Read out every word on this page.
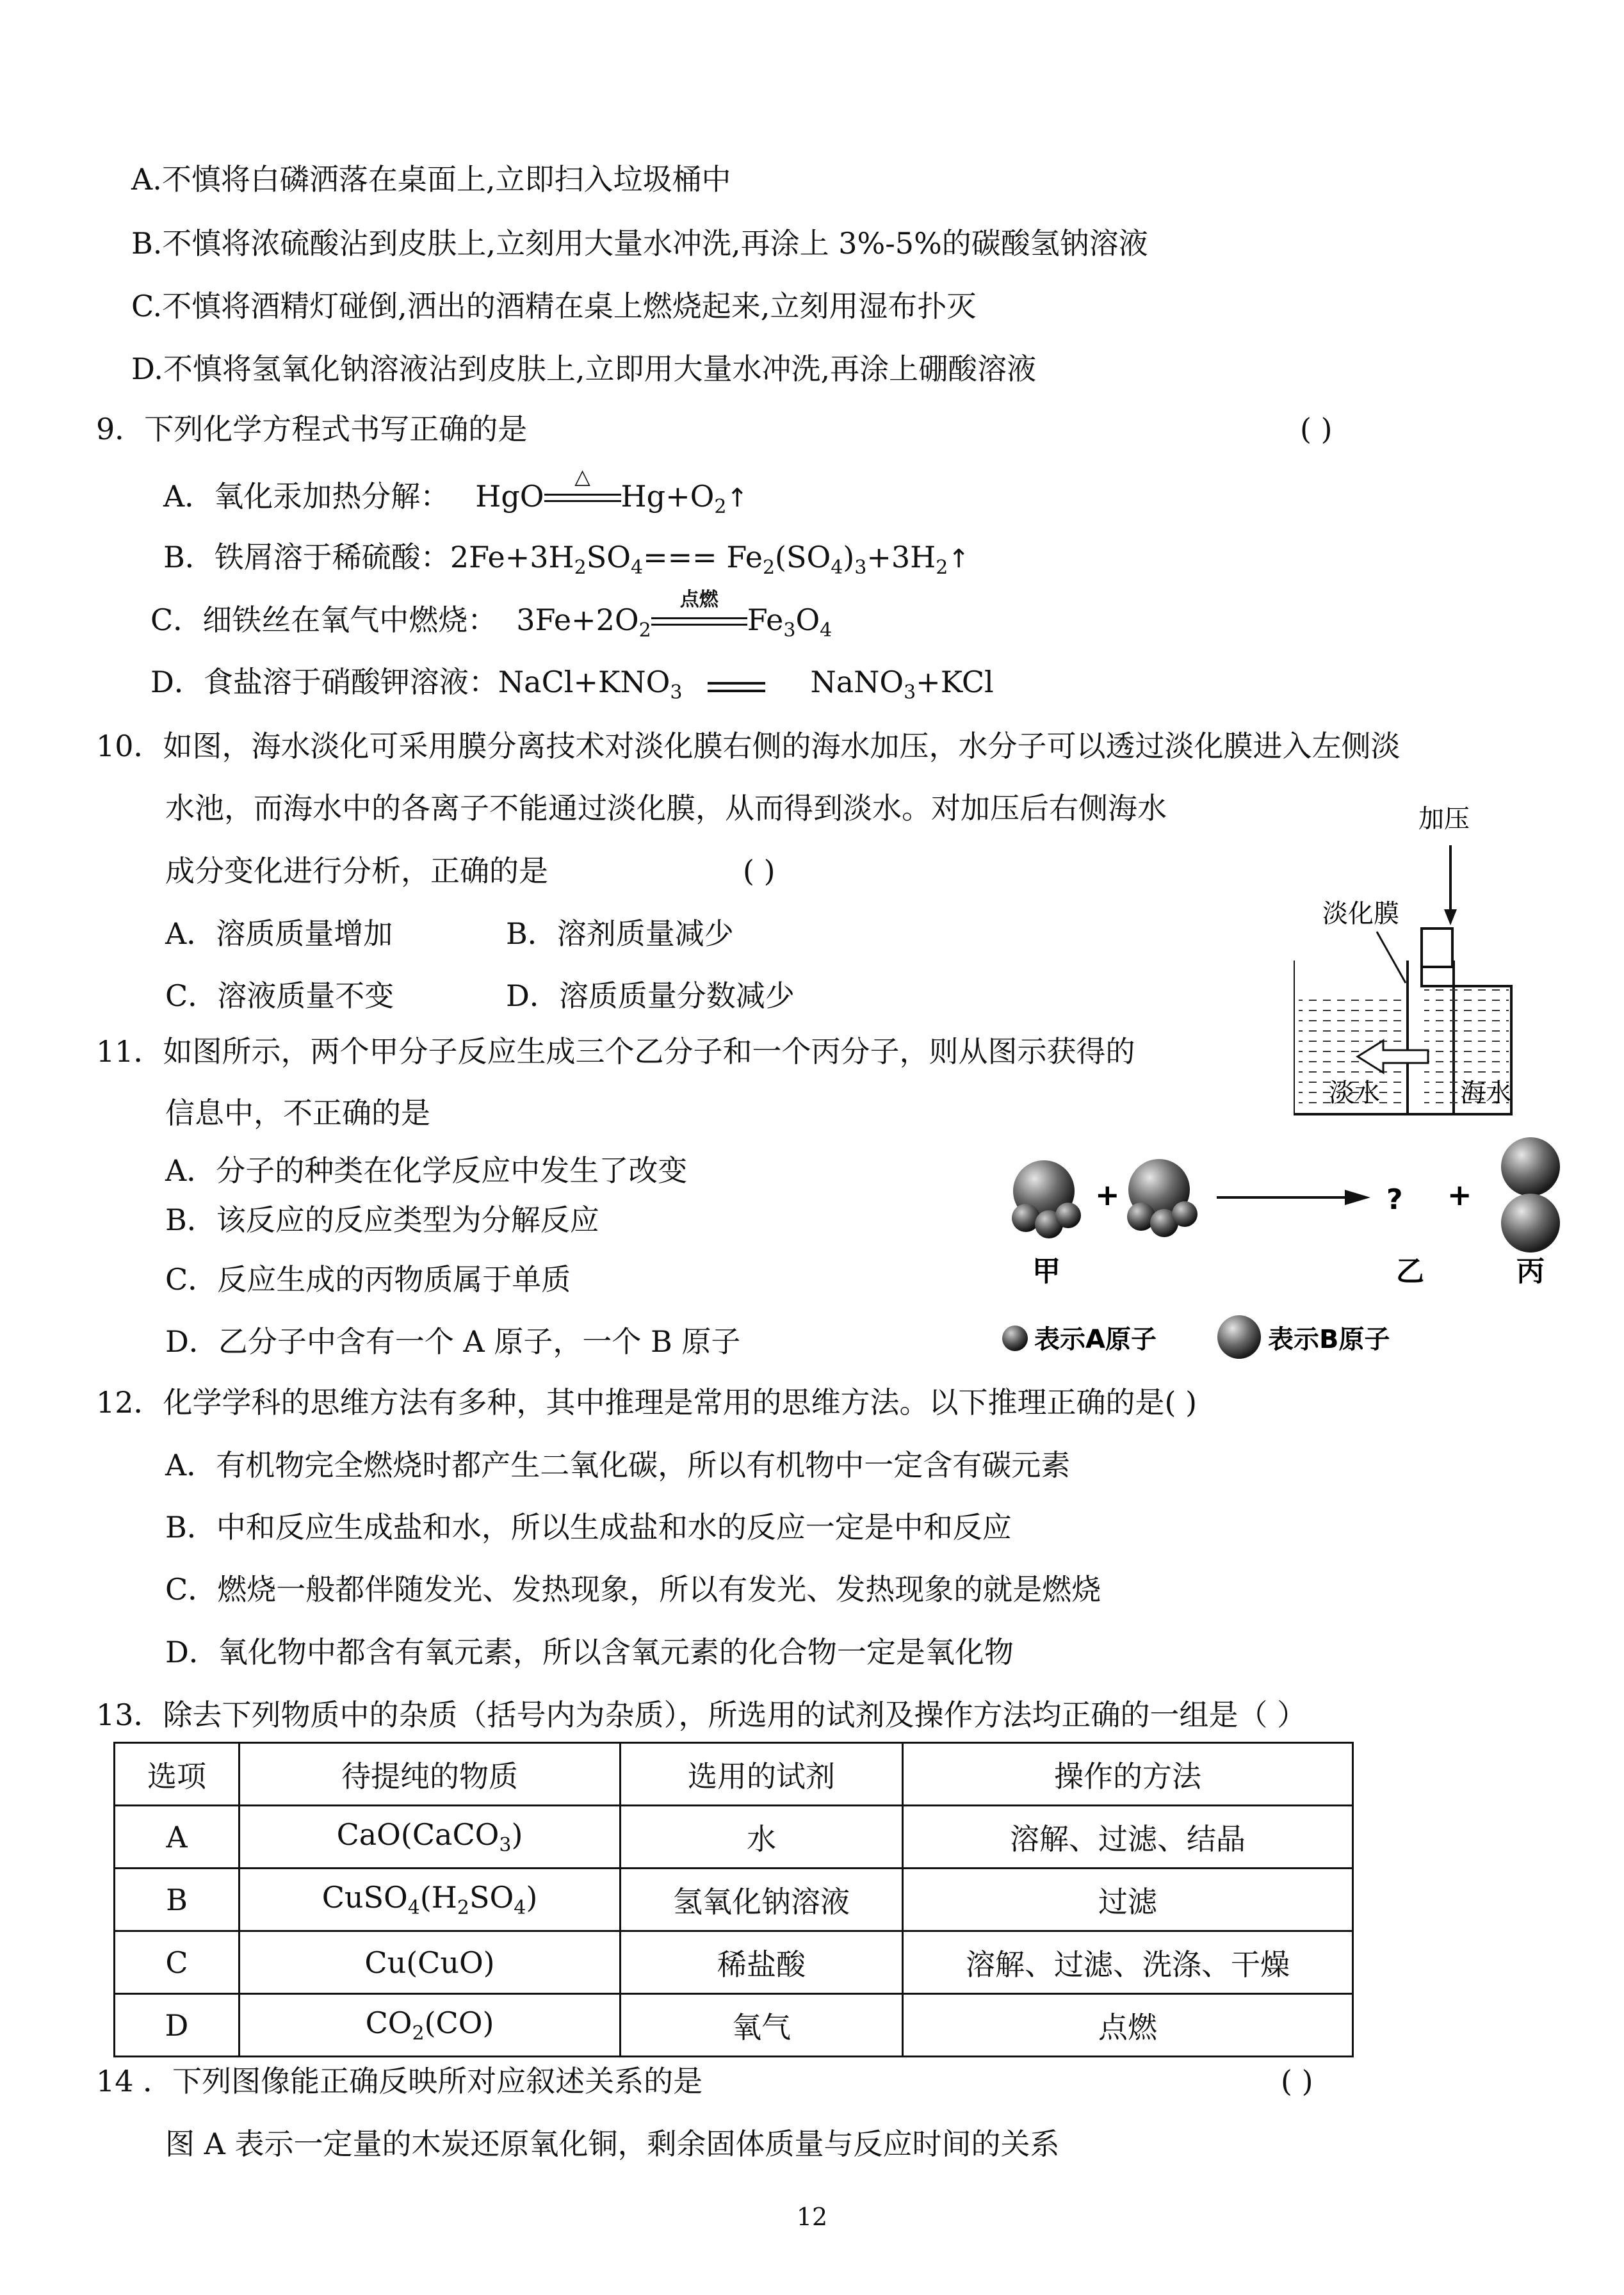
A.不慎将白磷洒落在桌面上,立即扫入垃圾桶中
B.不慎将浓硫酸沾到皮肤上,立刻用大量水冲洗,再涂上 3%-5%的碳酸氢钠溶液
C.不慎将酒精灯碰倒,洒出的酒精在桌上燃烧起来,立刻用湿布扑灭
D.不慎将氢氧化钠溶液沾到皮肤上,立即用大量水冲洗,再涂上硼酸溶液
9．下列化学方程式书写正确的是	( )
A．氧化汞加热分解： HgO
△
$Hg+O_2↑$
B．铁屑溶于稀硫酸：$2Fe+3H_2SO_4===$ $Fe_2(SO_4)_3+3H_2↑$
C．细铁丝在氧气中燃烧： $3Fe+2O_2$
点燃
$Fe_3O_4$
D．食盐溶于硝酸钾溶液：$NaCl+KNO_3$	NaNO$_3$+KCl
10．如图，海水淡化可采用膜分离技术对淡化膜右侧的海水加压，水分子可以透过淡化膜进入左侧淡
水池，而海水中的各离子不能通过淡化膜，从而得到淡水。对加压后右侧海水
成分变化进行分析，正确的是	( )
A．溶质质量增加	B．溶剂质量减少
C．溶液质量不变	D．溶质质量分数减少
加压
淡化膜
淡水	海水
11．如图所示，两个甲分子反应生成三个乙分子和一个丙分子，则从图示获得的
信息中，不正确的是
A．分子的种类在化学反应中发生了改变
B．该反应的反应类型为分解反应
C．反应生成的丙物质属于单质
D．乙分子中含有一个 A 原子，一个 B 原子
+	? +
甲	乙	丙
表示A原子	表示B原子
12．化学学科的思维方法有多种，其中推理是常用的思维方法。以下推理正确的是( )
A．有机物完全燃烧时都产生二氧化碳，所以有机物中一定含有碳元素
B．中和反应生成盐和水，所以生成盐和水的反应一定是中和反应
C．燃烧一般都伴随发光、发热现象，所以有发光、发热现象的就是燃烧
D．氧化物中都含有氧元素，所以含氧元素的化合物一定是氧化物
13．除去下列物质中的杂质（括号内为杂质），所选用的试剂及操作方法均正确的一组是（ ）
选项	待提纯的物质	选用的试剂	操作的方法
A	CaO(CaCO$_3$)	水	溶解、过滤、结晶
B	$CuSO_4(H_2SO_4)$	氢氧化钠溶液	过滤
C	Cu(CuO)	稀盐酸	溶解、过滤、洗涤、干燥
D	$CO_2(CO)$	氧气	点燃
14 ．下列图像能正确反映所对应叙述关系的是	( )
图 A 表示一定量的木炭还原氧化铜，剩余固体质量与反应时间的关系
12
